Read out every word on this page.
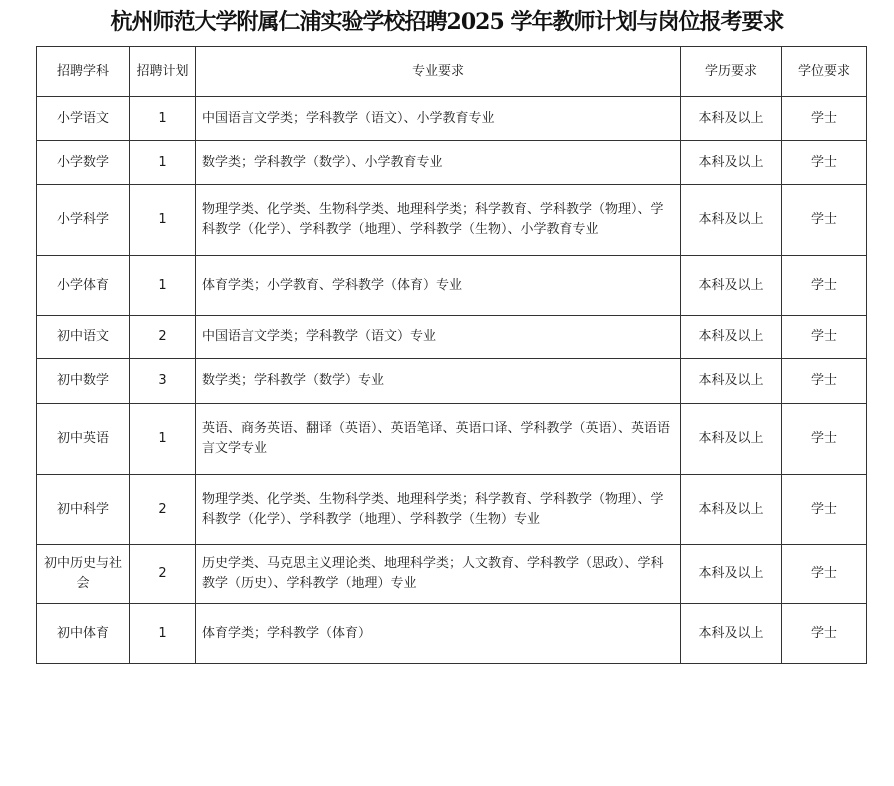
杭州师范大学附属仁浦实验学校招聘2025 学年教师计划与岗位报考要求
招聘学科	招聘计划	专业要求	学历要求	学位要求
小学语文	1	中国语言文学类；学科教学（语文）、小学教育专业	本科及以上	学士
小学数学	1	数学类；学科教学（数学）、小学教育专业	本科及以上	学士
小学科学	1	物理学类、化学类、生物科学类、地理科学类；科学教育、学科教学（物理）、学科教学（化学）、学科教学（地理）、学科教学（生物）、小学教育专业	本科及以上	学士
小学体育	1	体育学类；小学教育、学科教学（体育）专业	本科及以上	学士
初中语文	2	中国语言文学类；学科教学（语文）专业	本科及以上	学士
初中数学	3	数学类；学科教学（数学）专业	本科及以上	学士
初中英语	1	英语、商务英语、翻译（英语）、英语笔译、英语口译、学科教学（英语）、英语语言文学专业	本科及以上	学士
初中科学	2	物理学类、化学类、生物科学类、地理科学类；科学教育、学科教学（物理）、学科教学（化学）、学科教学（地理）、学科教学（生物）专业	本科及以上	学士
初中历史与社会	2	历史学类、马克思主义理论类、地理科学类；人文教育、学科教学（思政）、学科教学（历史）、学科教学（地理）专业	本科及以上	学士
初中体育	1	体育学类；学科教学（体育）	本科及以上	学士
